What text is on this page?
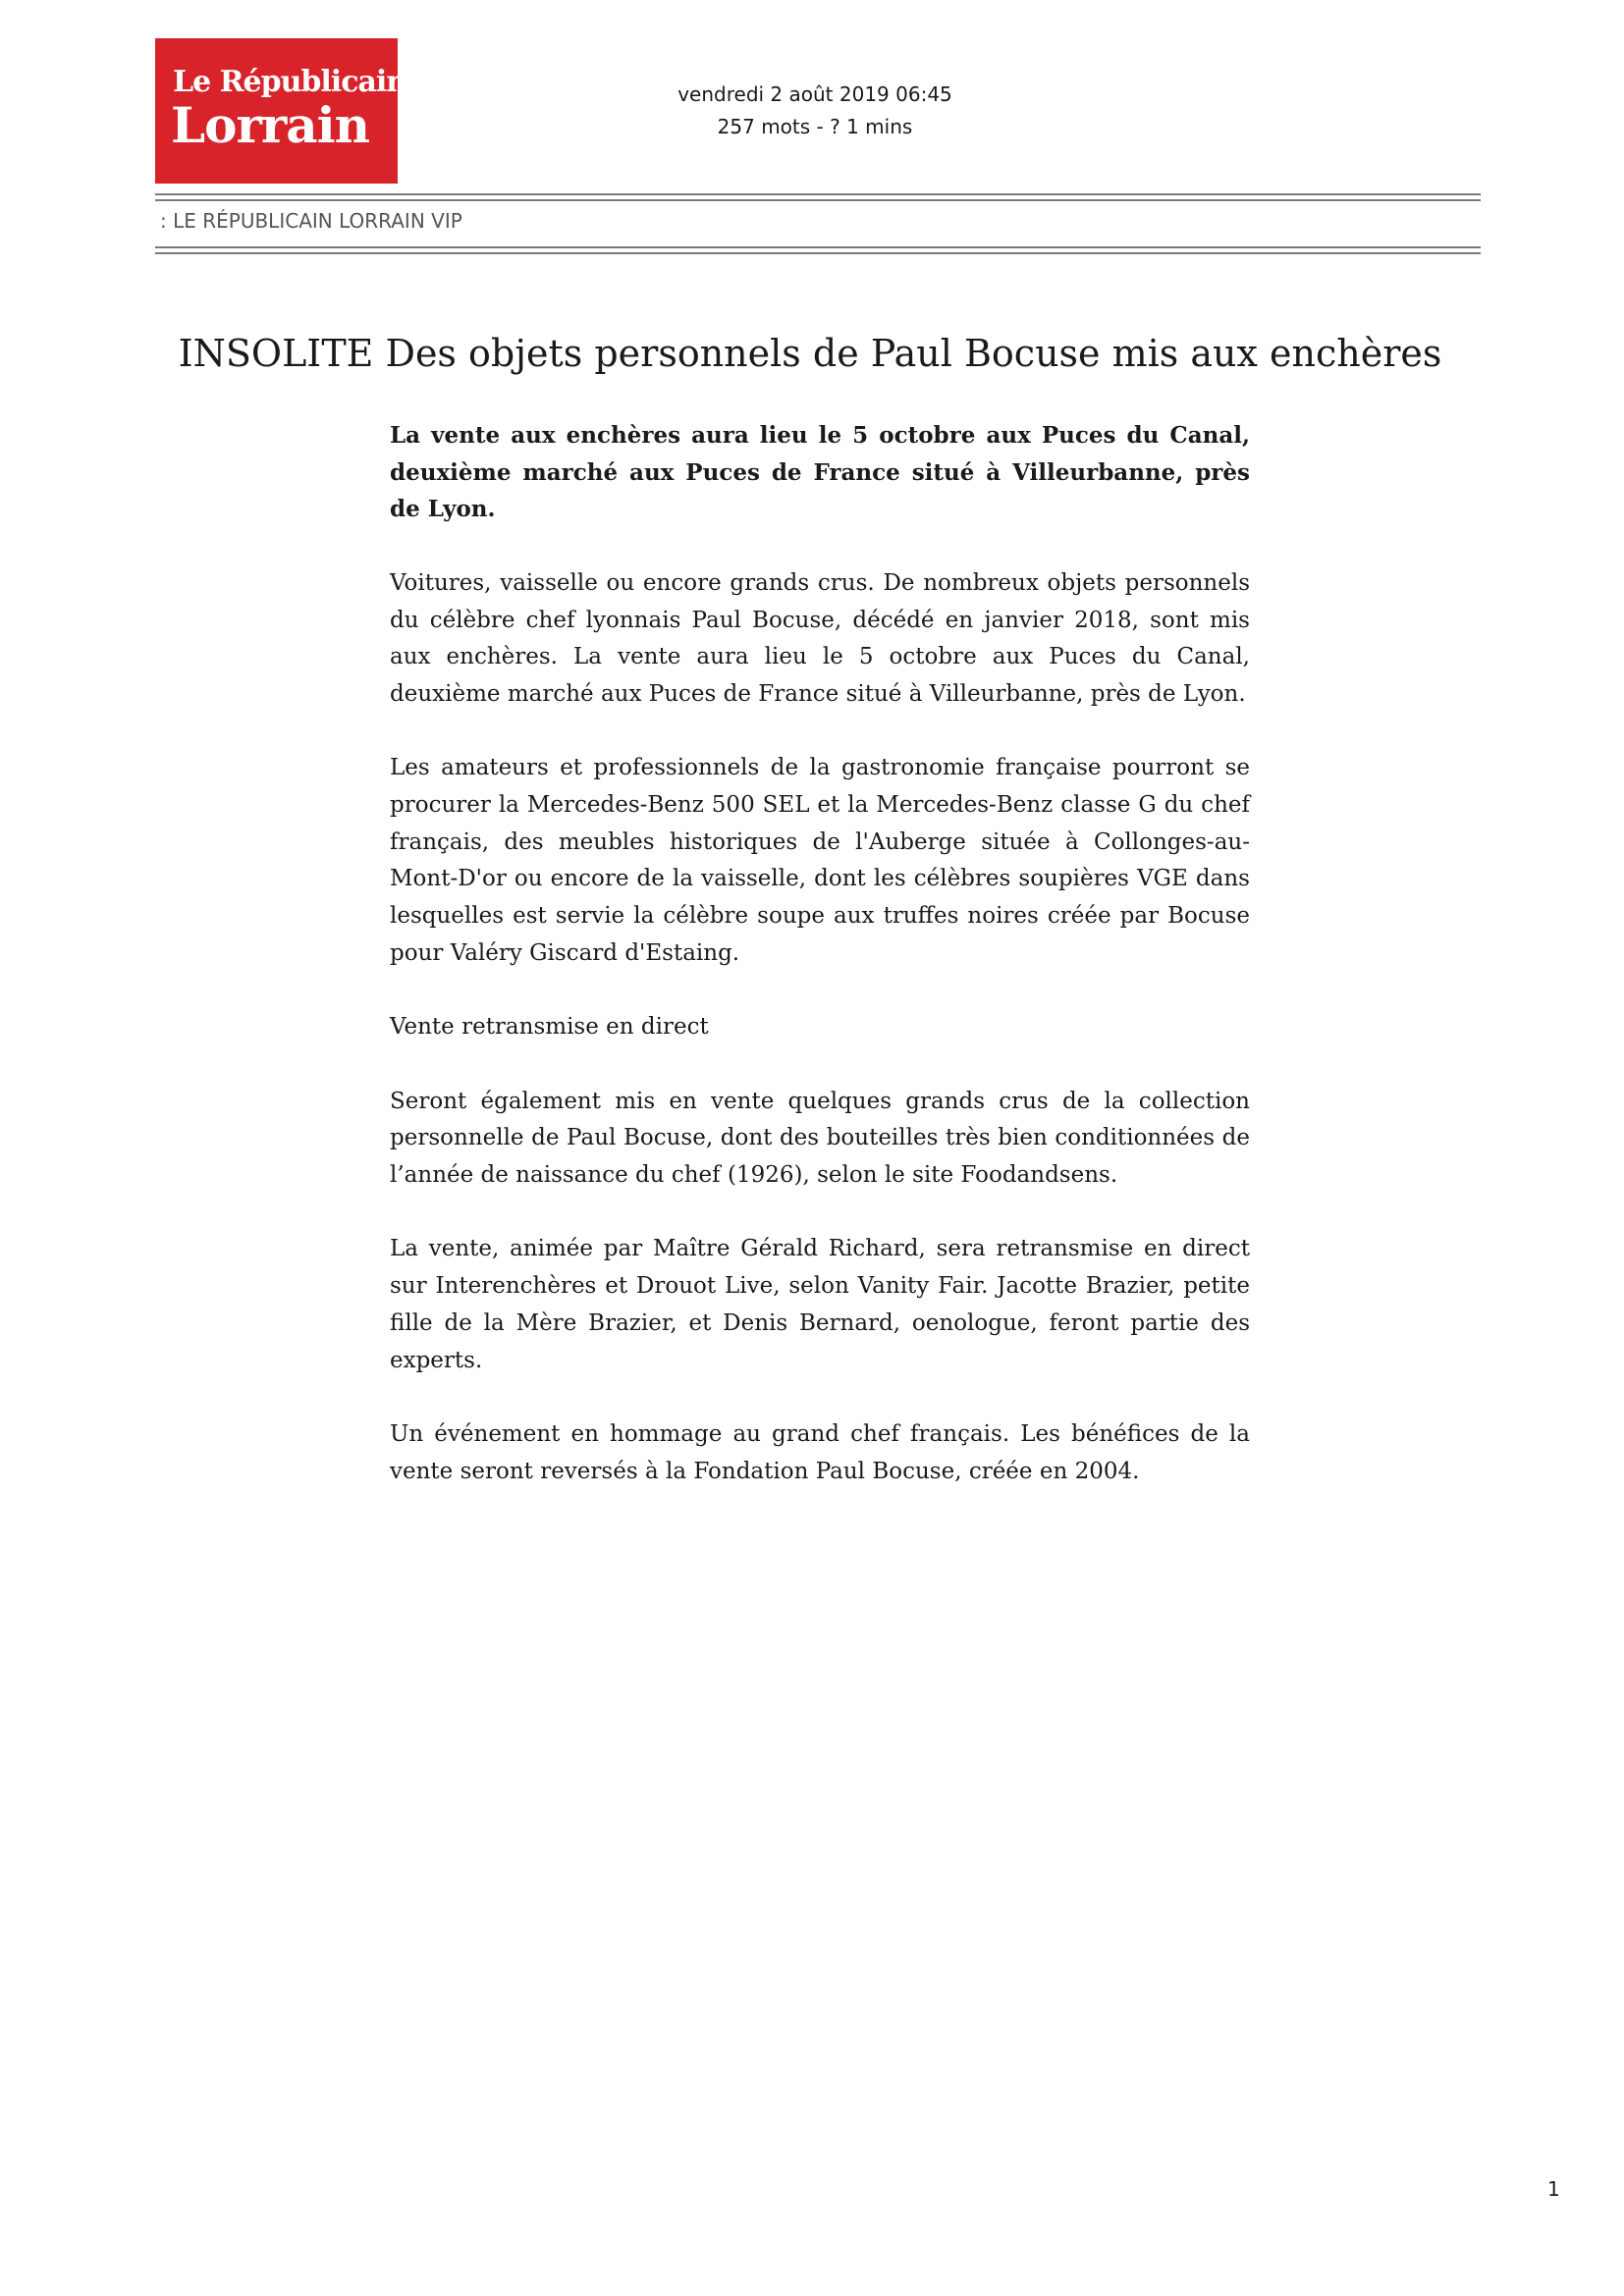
Le Républicain
Lorrain
vendredi 2 août 2019 06:45
257 mots - ? 1 mins
: LE RÉPUBLICAIN LORRAIN VIP
INSOLITE Des objets personnels de Paul Bocuse mis aux enchères

La vente aux enchères aura lieu le 5 octobre aux Puces du Canal, deuxième marché aux Puces de France situé à Villeurbanne, près de Lyon.

Voitures, vaisselle ou encore grands crus. De nombreux objets personnels du célèbre chef lyonnais Paul Bocuse, décédé en janvier 2018, sont mis aux enchères. La vente aura lieu le 5 octobre aux Puces du Canal, deuxième marché aux Puces de France situé à Villeurbanne, près de Lyon.

Les amateurs et professionnels de la gastronomie française pourront se procurer la Mercedes-Benz 500 SEL et la Mercedes-Benz classe G du chef français, des meubles historiques de l'Auberge située à Collonges-au-Mont-D'or ou encore de la vaisselle, dont les célèbres soupières VGE dans lesquelles est servie la célèbre soupe aux truffes noires créée par Bocuse pour Valéry Giscard d'Estaing.

Vente retransmise en direct

Seront également mis en vente quelques grands crus de la collection personnelle de Paul Bocuse, dont des bouteilles très bien conditionnées de l’année de naissance du chef (1926), selon le site Foodandsens.

La vente, animée par Maître Gérald Richard, sera retransmise en direct sur Interenchères et Drouot Live, selon Vanity Fair. Jacotte Brazier, petite fille de la Mère Brazier, et Denis Bernard, oenologue, feront partie des experts.

Un événement en hommage au grand chef français. Les bénéfices de la vente seront reversés à la Fondation Paul Bocuse, créée en 2004.

1
